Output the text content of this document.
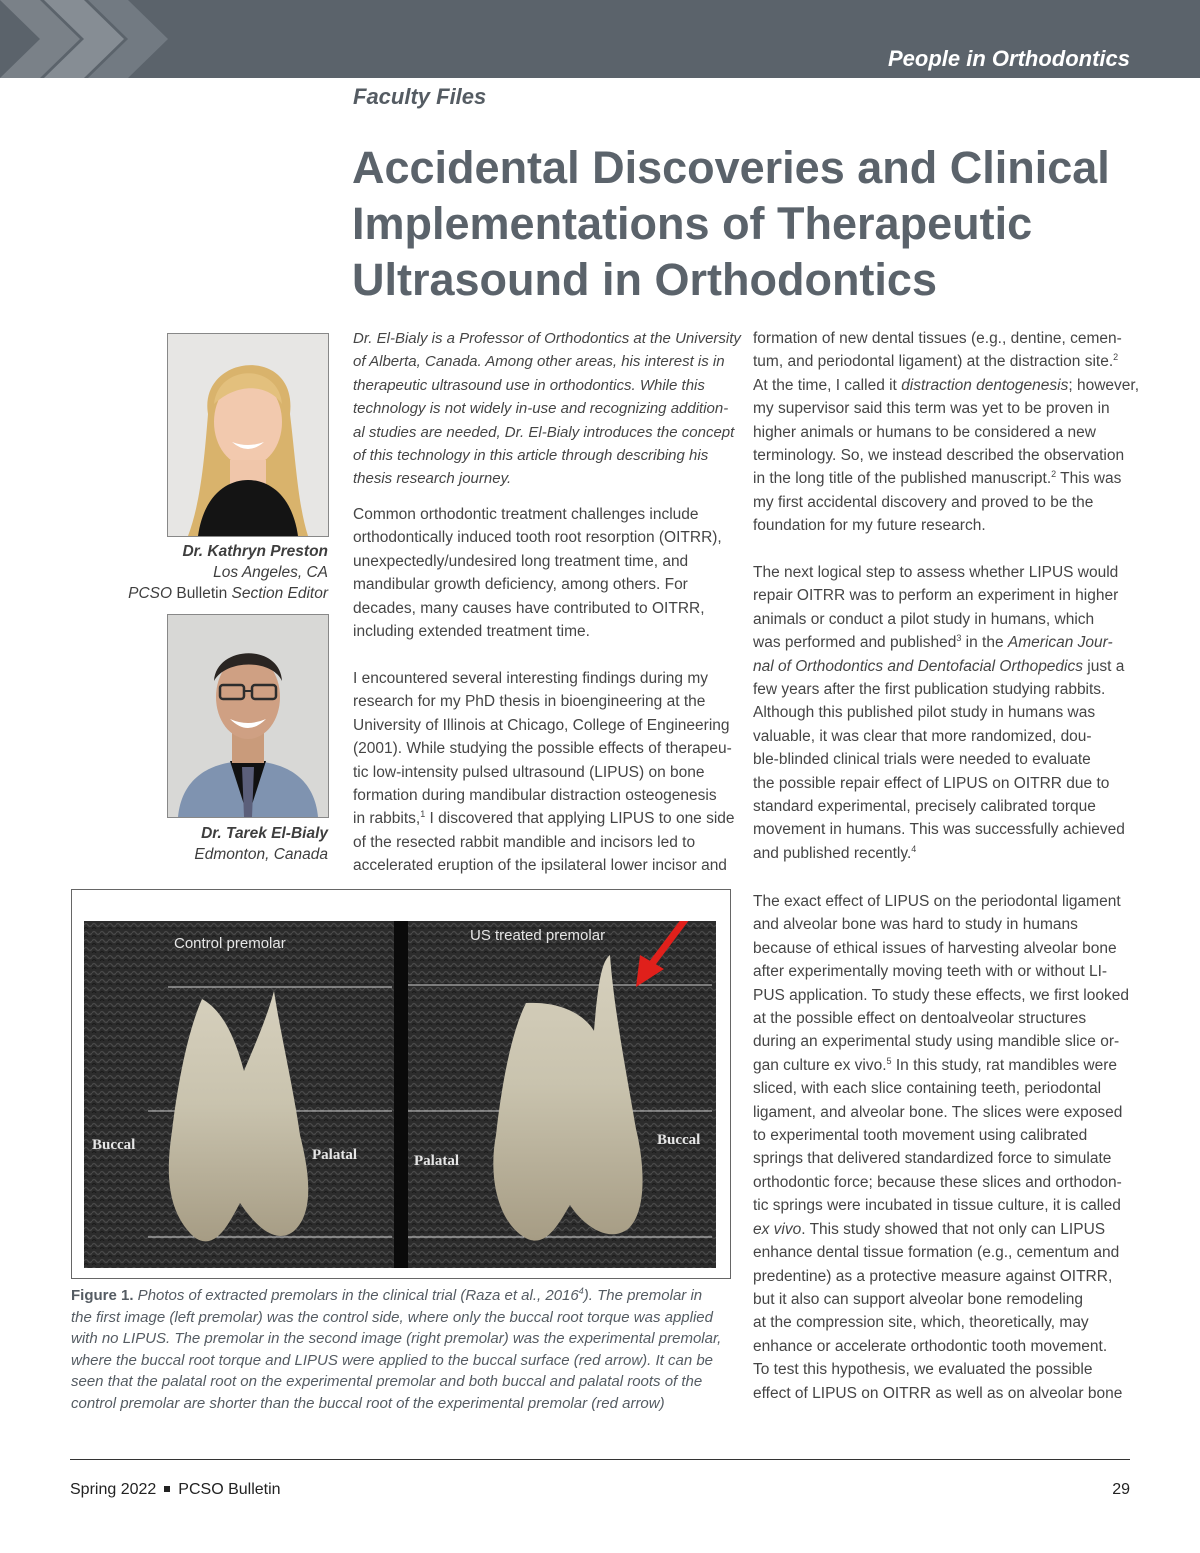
People in Orthodontics
Faculty Files
Accidental Discoveries and Clinical
Implementations of Therapeutic
Ultrasound in Orthodontics
Dr. Kathryn Preston
Los Angeles, CA
PCSO Bulletin Section Editor
Dr. Tarek El-Bialy
Edmonton, Canada

Dr. El-Bialy is a Professor of Orthodontics at the University

of Alberta, Canada. Among other areas, his interest is in

therapeutic ultrasound use in orthodontics. While this

technology is not widely in-use and recognizing addition-

al studies are needed, Dr. El-Bialy introduces the concept

of this technology in this article through describing his

thesis research journey.

Common orthodontic treatment challenges include

orthodontically induced tooth root resorption (OITRR),

unexpectedly/undesired long treatment time, and

mandibular growth deficiency, among others. For

decades, many causes have contributed to OITRR,

including extended treatment time.

I encountered several interesting findings during my

research for my PhD thesis in bioengineering at the

University of Illinois at Chicago, College of Engineering

(2001). While studying the possible effects of therapeu-

tic low-intensity pulsed ultrasound (LIPUS) on bone

formation during mandibular distraction osteogenesis

in rabbits,$^1$ I discovered that applying LIPUS to one side

of the resected rabbit mandible and incisors led to

accelerated eruption of the ipsilateral lower incisor and

formation of new dental tissues (e.g., dentine, cemen-

tum, and periodontal ligament) at the distraction site.$^2$

At the time, I called it distraction dentogenesis; however,

my supervisor said this term was yet to be proven in

higher animals or humans to be considered a new

terminology. So, we instead described the observation

in the long title of the published manuscript.$^2$ This was

my first accidental discovery and proved to be the

foundation for my future research.

The next logical step to assess whether LIPUS would

repair OITRR was to perform an experiment in higher

animals or conduct a pilot study in humans, which

was performed and published$^3$ in the American Jour-

nal of Orthodontics and Dentofacial Orthopedics just a

few years after the first publication studying rabbits.

Although this published pilot study in humans was

valuable, it was clear that more randomized, dou-

ble-blinded clinical trials were needed to evaluate

the possible repair effect of LIPUS on OITRR due to

standard experimental, precisely calibrated torque

movement in humans. This was successfully achieved

and published recently.$^4$

The exact effect of LIPUS on the periodontal ligament

and alveolar bone was hard to study in humans

because of ethical issues of harvesting alveolar bone

after experimentally moving teeth with or without LI-

PUS application. To study these effects, we first looked

at the possible effect on dentoalveolar structures

during an experimental study using mandible slice or-

gan culture ex vivo.$^5$ In this study, rat mandibles were

sliced, with each slice containing teeth, periodontal

ligament, and alveolar bone. The slices were exposed

to experimental tooth movement using calibrated

springs that delivered standardized force to simulate

orthodontic force; because these slices and orthodon-

tic springs were incubated in tissue culture, it is called

ex vivo. This study showed that not only can LIPUS

enhance dental tissue formation (e.g., cementum and

predentine) as a protective measure against OITRR,

but it also can support alveolar bone remodeling

at the compression site, which, theoretically, may

enhance or accelerate orthodontic tooth movement.

To test this hypothesis, we evaluated the possible

effect of LIPUS on OITRR as well as on alveolar bone

Control premolar	US treated premolar
Buccal
Palatal	Palatal
Buccal

Figure 1. Photos of extracted premolars in the clinical trial (Raza et al., 2016$^4$). The premolar in

the first image (left premolar) was the control side, where only the buccal root torque was applied

with no LIPUS. The premolar in the second image (right premolar) was the experimental premolar,

where the buccal root torque and LIPUS were applied to the buccal surface (red arrow). It can be

seen that the palatal root on the experimental premolar and both buccal and palatal roots of the

control premolar are shorter than the buccal root of the experimental premolar (red arrow)

Spring 2022 PCSO Bulletin	29
